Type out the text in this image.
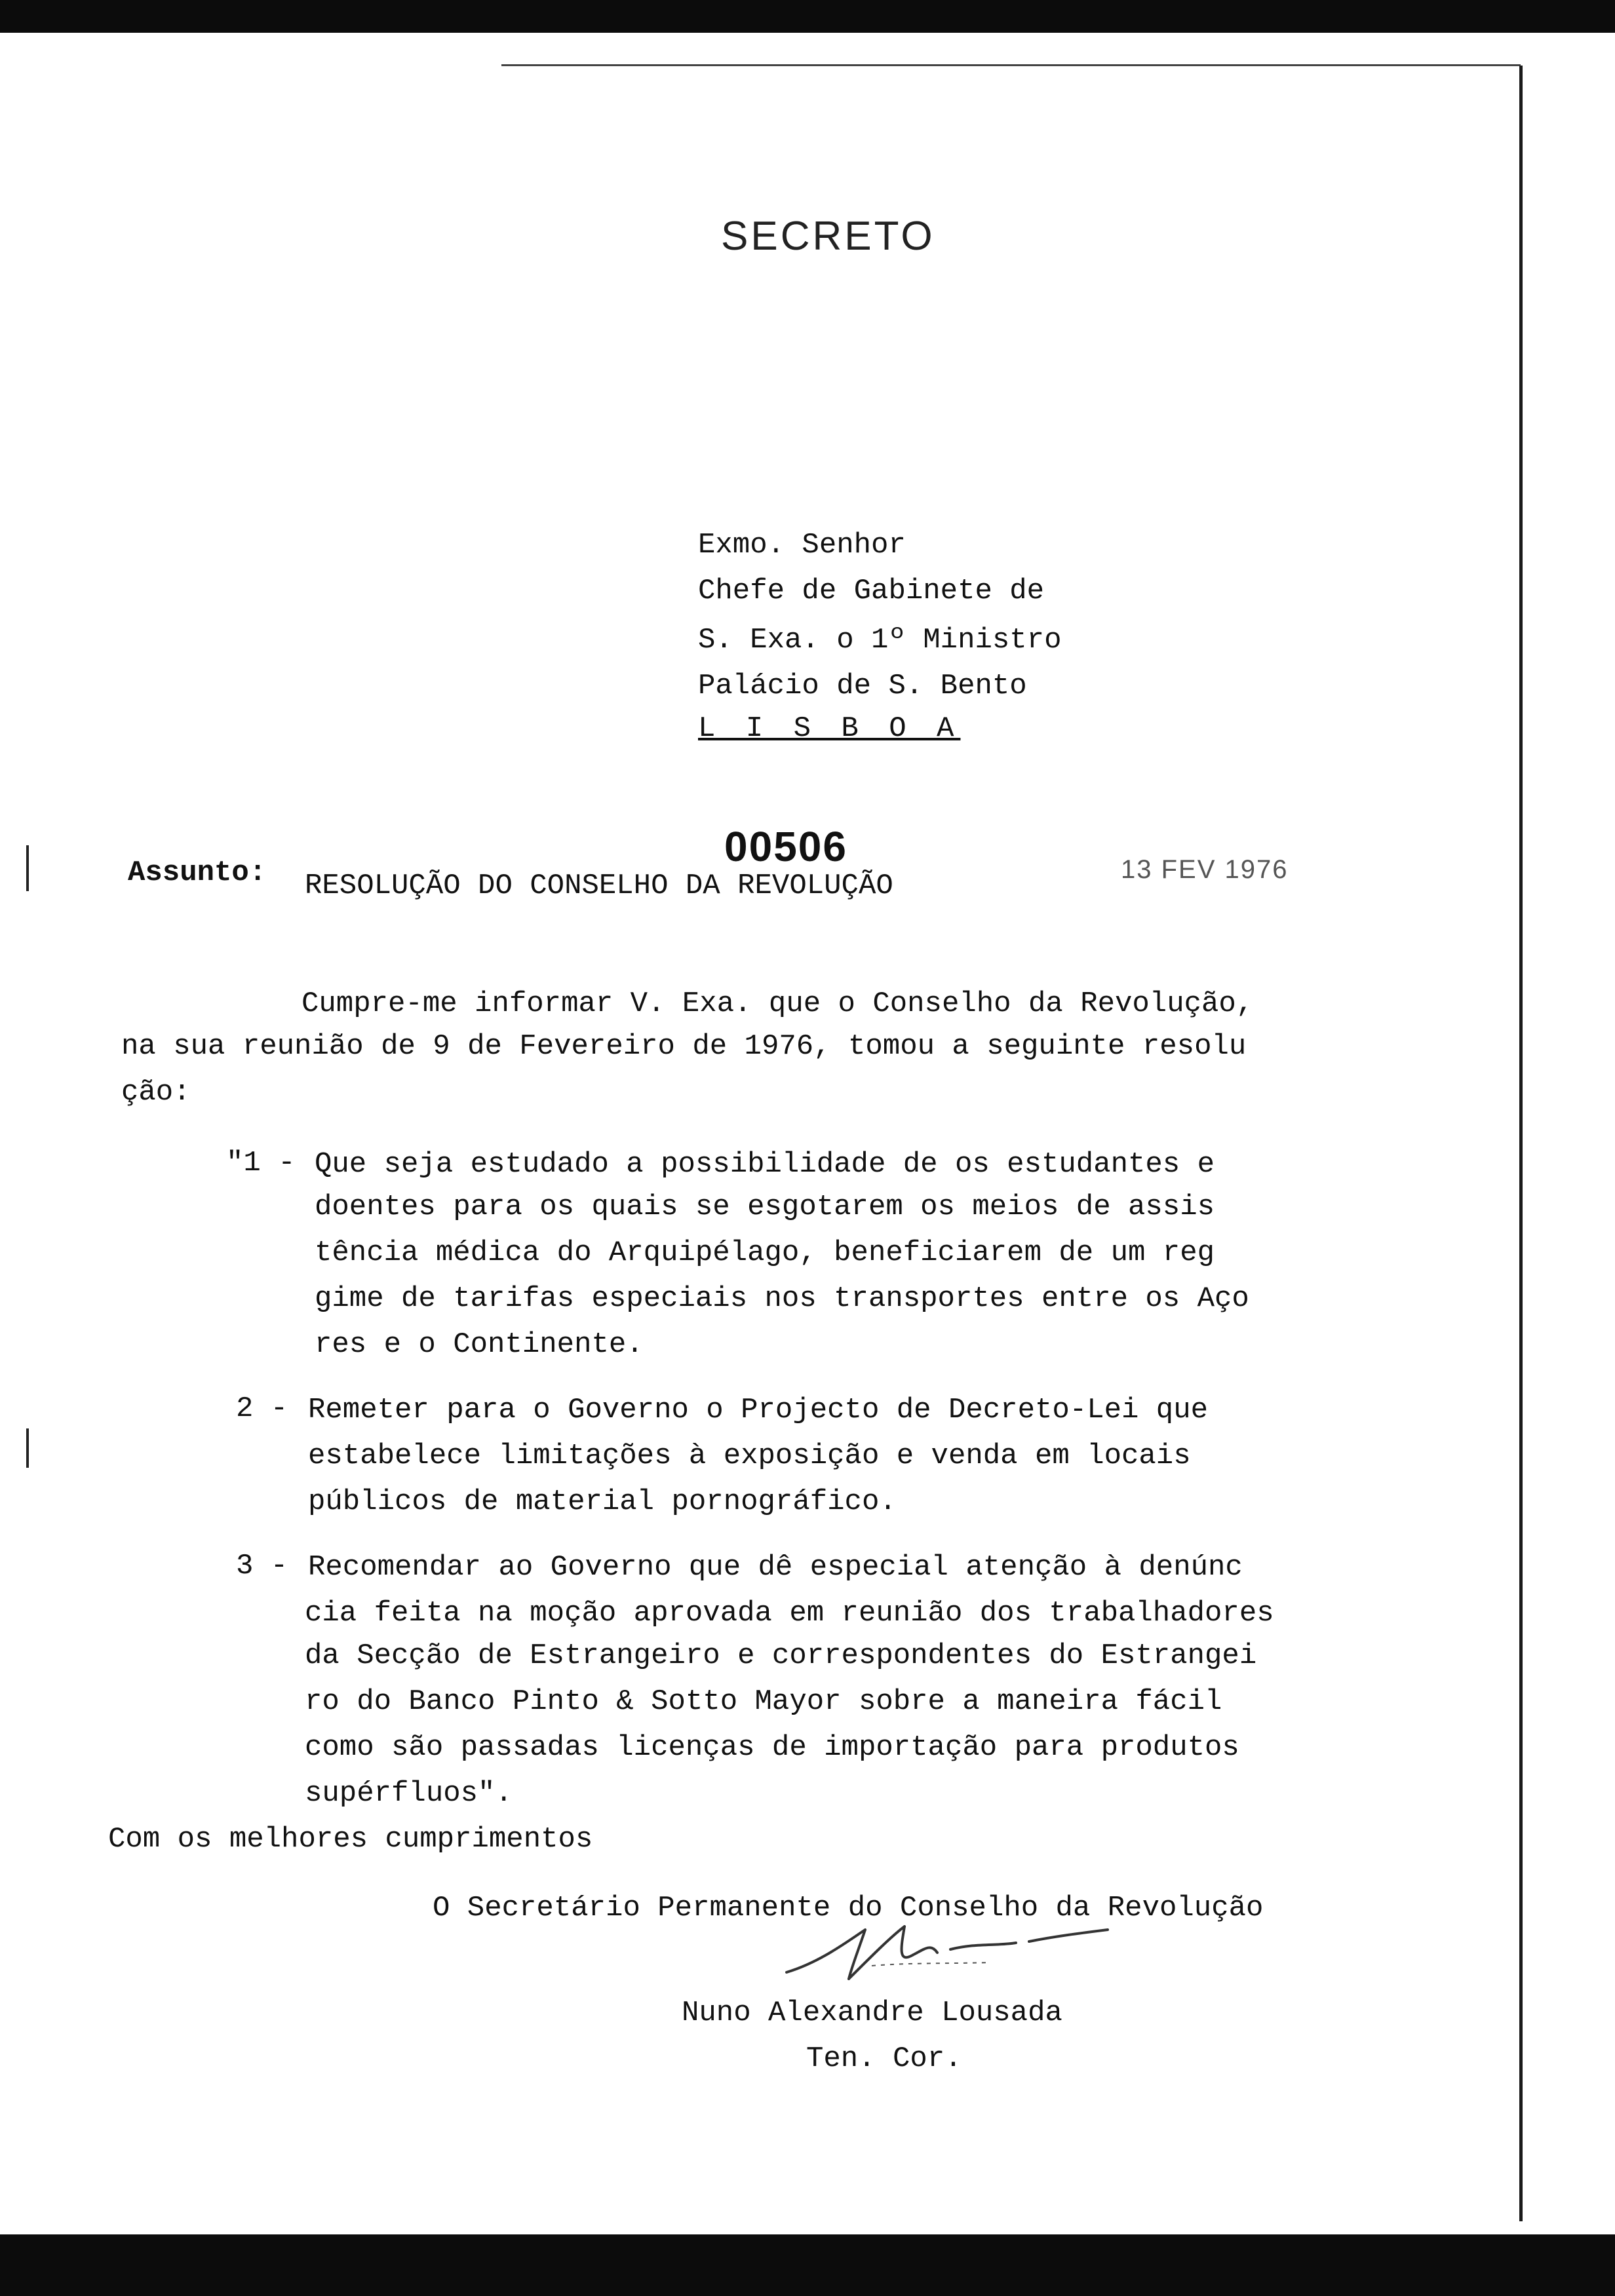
SECRETO
Exmo. Senhor
Chefe de Gabinete de
S. Exa. o 1º Ministro
Palácio de S. Bento
L I S B O A
00506	13 FEV 1976
Assunto: RESOLUÇÃO DO CONSELHO DA REVOLUÇÃO
Cumpre-me informar V. Exa. que o Conselho da Revolução,
na sua reunião de 9 de Fevereiro de 1976, tomou a seguinte resolu
ção:
"1 - Que seja estudado a possibilidade de os estudantes e
doentes para os quais se esgotarem os meios de assis
tência médica do Arquipélago, beneficiarem de um reg
gime de tarifas especiais nos transportes entre os Aço
res e o Continente.
2 - Remeter para o Governo o Projecto de Decreto-Lei que
estabelece limitações à exposição e venda em locais
públicos de material pornográfico.
3 - Recomendar ao Governo que dê especial atenção à denúnc
cia feita na moção aprovada em reunião dos trabalhadores
da Secção de Estrangeiro e correspondentes do Estrangei
ro do Banco Pinto & Sotto Mayor sobre a maneira fácil
como são passadas licenças de importação para produtos
supérfluos".
Com os melhores cumprimentos
O Secretário Permanente do Conselho da Revolução
Nuno Alexandre Lousada
Ten. Cor.
